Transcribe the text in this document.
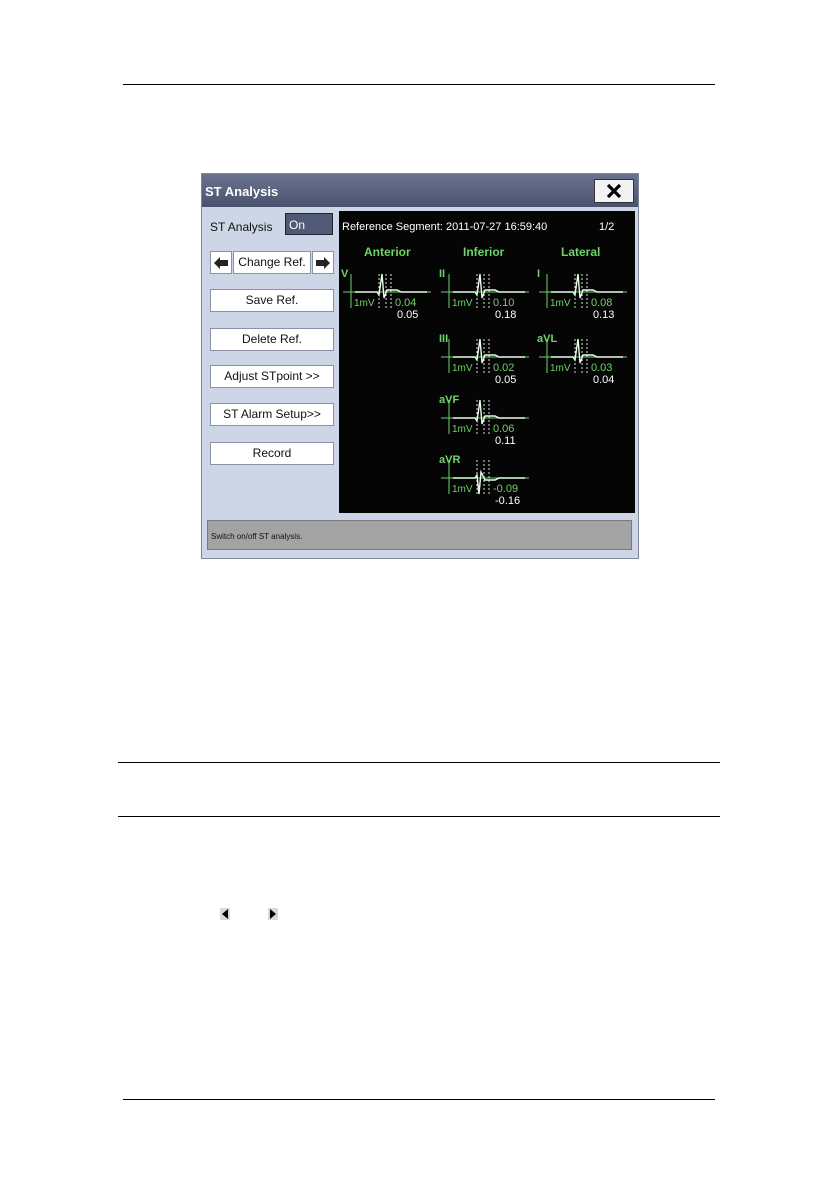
ST Analysis
ST Analysis	On
Change Ref.
Save Ref.
Delete Ref.
Adjust STpoint >>
ST Alarm Setup>>
Record
Reference Segment: 2011-07-27 16:59:40	1/2
Anterior	Inferior	Lateral
V
1mV 0.04
0.05
II
1mV 0.10
0.18
I
1mV 0.08
0.13
III
1mV 0.02
0.05
aVL
1mV 0.03
0.04
aVF
1mV 0.06
0.11
aVR
1mV -0.09
-0.16
Switch on/off ST analysis.
